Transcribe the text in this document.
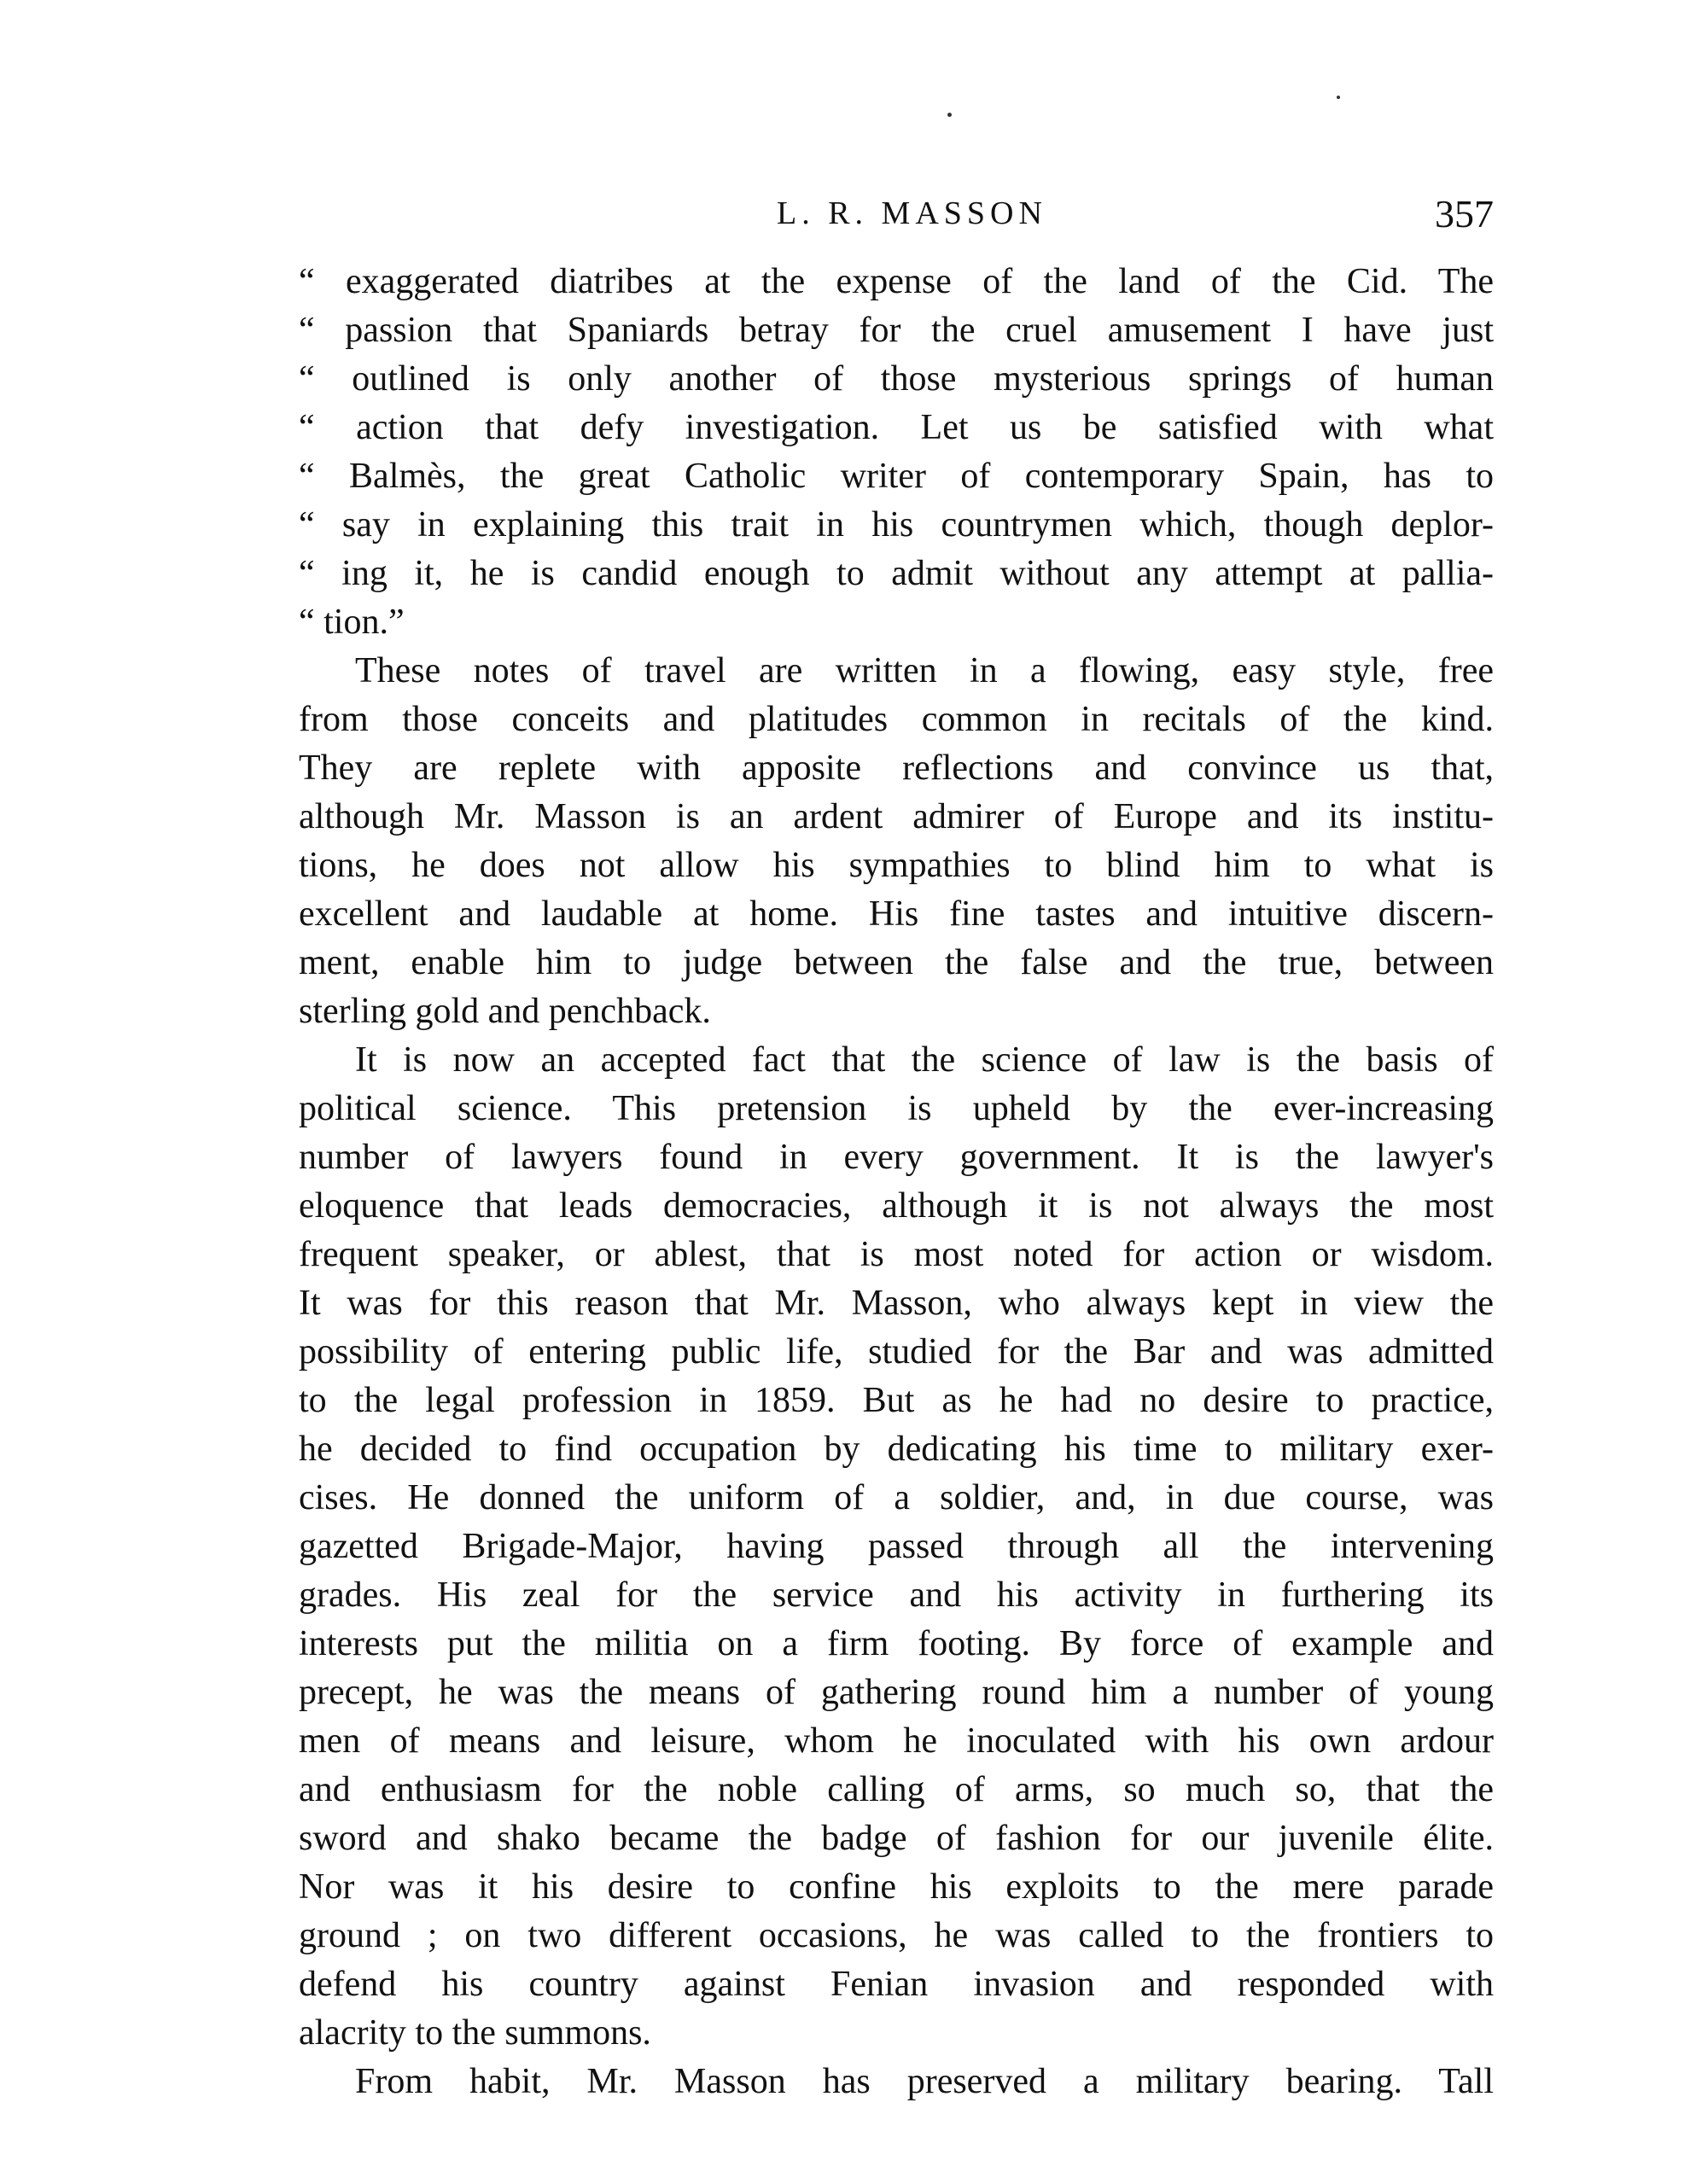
L. R. MASSON	357
“ exaggerated diatribes at the expense of the land of the Cid. The
“ passion that Spaniards betray for the cruel amusement I have just
“ outlined is only another of those mysterious springs of human
“ action that defy investigation. Let us be satisfied with what
“ Balmès, the great Catholic writer of contemporary Spain, has to
“ say in explaining this trait in his countrymen which, though deplor-
“ ing it, he is candid enough to admit without any attempt at pallia-
“ tion.”
These notes of travel are written in a flowing, easy style, free
from those conceits and platitudes common in recitals of the kind.
They are replete with apposite reflections and convince us that,
although Mr. Masson is an ardent admirer of Europe and its institu-
tions, he does not allow his sympathies to blind him to what is
excellent and laudable at home. His fine tastes and intuitive discern-
ment, enable him to judge between the false and the true, between
sterling gold and penchback.
It is now an accepted fact that the science of law is the basis of
political science. This pretension is upheld by the ever-increasing
number of lawyers found in every government. It is the lawyer's
eloquence that leads democracies, although it is not always the most
frequent speaker, or ablest, that is most noted for action or wisdom.
It was for this reason that Mr. Masson, who always kept in view the
possibility of entering public life, studied for the Bar and was admitted
to the legal profession in 1859. But as he had no desire to practice,
he decided to find occupation by dedicating his time to military exer-
cises. He donned the uniform of a soldier, and, in due course, was
gazetted Brigade-Major, having passed through all the intervening
grades. His zeal for the service and his activity in furthering its
interests put the militia on a firm footing. By force of example and
precept, he was the means of gathering round him a number of young
men of means and leisure, whom he inoculated with his own ardour
and enthusiasm for the noble calling of arms, so much so, that the
sword and shako became the badge of fashion for our juvenile élite.
Nor was it his desire to confine his exploits to the mere parade
ground ; on two different occasions, he was called to the frontiers to
defend his country against Fenian invasion and responded with
alacrity to the summons.
From habit, Mr. Masson has preserved a military bearing. Tall
